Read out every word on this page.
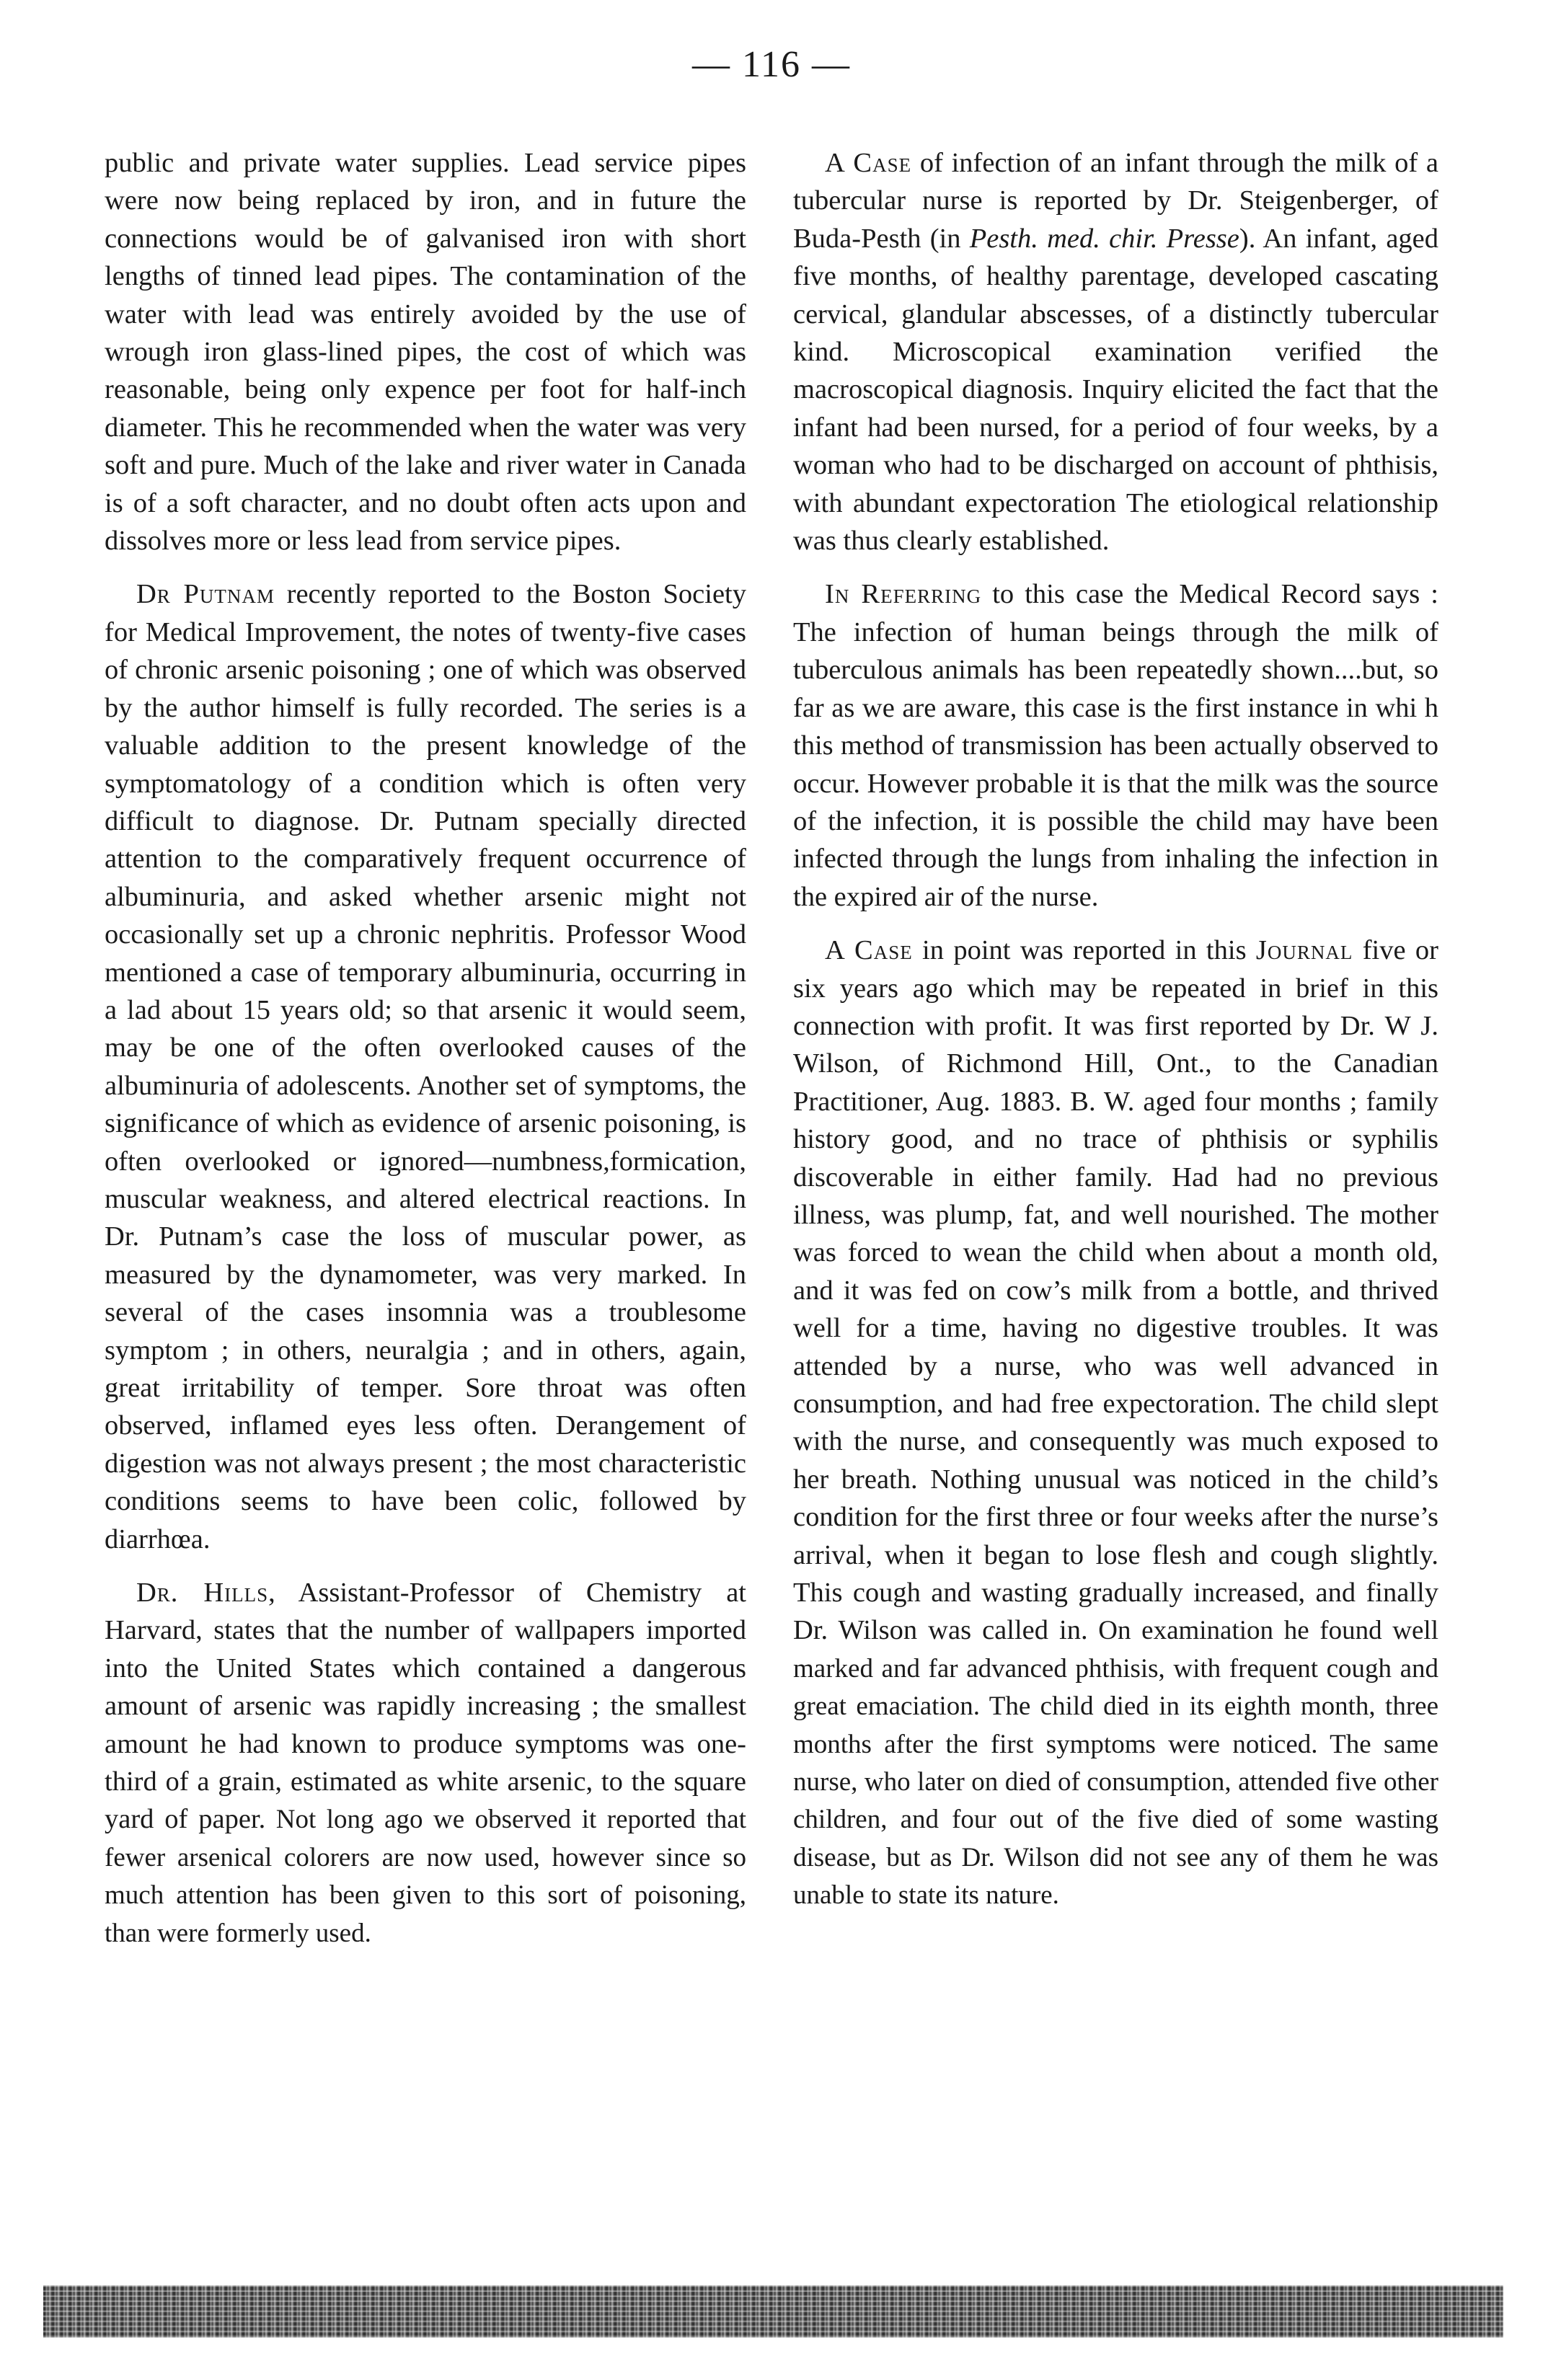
— 116 —

public and private water supplies. Lead service pipes were now being replaced by iron, and in future the connections would be of galvanised iron with short lengths of tinned lead pipes. The contamination of the water with lead was entirely avoided by the use of wrough iron glass-lined pipes, the cost of which was reasonable, being only expence per foot for half-inch diameter. This he recommended when the water was very soft and pure. Much of the lake and river water in Canada is of a soft character, and no doubt often acts upon and dissolves more or less lead from service pipes.

Dr Putnam recently reported to the Boston Society for Medical Improvement, the notes of twenty-five cases of chronic arsenic poisoning ; one of which was observed by the author himself is fully recorded. The series is a valuable addition to the present knowledge of the symptomatology of a condition which is often very difficult to diagnose. Dr. Putnam specially directed attention to the comparatively frequent occurrence of albuminuria, and asked whether arsenic might not occasionally set up a chronic nephritis. Professor Wood mentioned a case of temporary albuminuria, occurring in a lad about 15 years old; so that arsenic it would seem, may be one of the often overlooked causes of the albuminuria of adolescents. Another set of symptoms, the significance of which as evidence of arsenic poisoning, is often overlooked or ignored—numbness,formication, muscular weakness, and altered electrical reactions. In Dr. Putnam’s case the loss of muscular power, as measured by the dynamometer, was very marked. In several of the cases insomnia was a troublesome symptom ; in others, neuralgia ; and in others, again, great irritability of temper. Sore throat was often observed, inflamed eyes less often. Derangement of digestion was not always present ; the most characteristic conditions seems to have been colic, followed by diarrhœa.

Dr. Hills, Assistant-Professor of Chemistry at Harvard, states that the number of wallpapers imported into the United States which contained a dangerous amount of arsenic was rapidly increasing ; the smallest amount he had known to produce symptoms was one-third of a grain, estimated as white arsenic, to the square yard of paper. Not long ago we observed it reported that fewer arsenical colorers are now used, however since so much attention has been given to this sort of poisoning, than were formerly used.

A Case of infection of an infant through the milk of a tubercular nurse is reported by Dr. Steigenberger, of Buda-Pesth (in Pesth. med. chir. Presse). An infant, aged five months, of healthy parentage, developed cascating cervical, glandular abscesses, of a distinctly tubercular kind. Microscopical examination verified the macroscopical diagnosis. Inquiry elicited the fact that the infant had been nursed, for a period of four weeks, by a woman who had to be discharged on account of phthisis, with abundant expectoration The etiological relationship was thus clearly established.

In Referring to this case the Medical Record says : The infection of human beings through the milk of tuberculous animals has been repeatedly shown....but, so far as we are aware, this case is the first instance in whi h this method of transmission has been actually observed to occur. However probable it is that the milk was the source of the infection, it is possible the child may have been infected through the lungs from inhaling the infection in the expired air of the nurse.

A Case in point was reported in this Journal five or six years ago which may be repeated in brief in this connection with profit. It was first reported by Dr. W J. Wilson, of Richmond Hill, Ont., to the Canadian Practitioner, Aug. 1883. B. W. aged four months ; family history good, and no trace of phthisis or syphilis discoverable in either family. Had had no previous illness, was plump, fat, and well nourished. The mother was forced to wean the child when about a month old, and it was fed on cow’s milk from a bottle, and thrived well for a time, having no digestive troubles. It was attended by a nurse, who was well advanced in consumption, and had free expectoration. The child slept with the nurse, and consequently was much exposed to her breath. Nothing unusual was noticed in the child’s condition for the first three or four weeks after the nurse’s arrival, when it began to lose flesh and cough slightly. This cough and wasting gradually increased, and finally Dr. Wilson was called in. On examination he found well marked and far advanced phthisis, with frequent cough and great emaciation. The child died in its eighth month, three months after the first symptoms were noticed. The same nurse, who later on died of consumption, attended five other children, and four out of the five died of some wasting disease, but as Dr. Wilson did not see any of them he was unable to state its nature.
